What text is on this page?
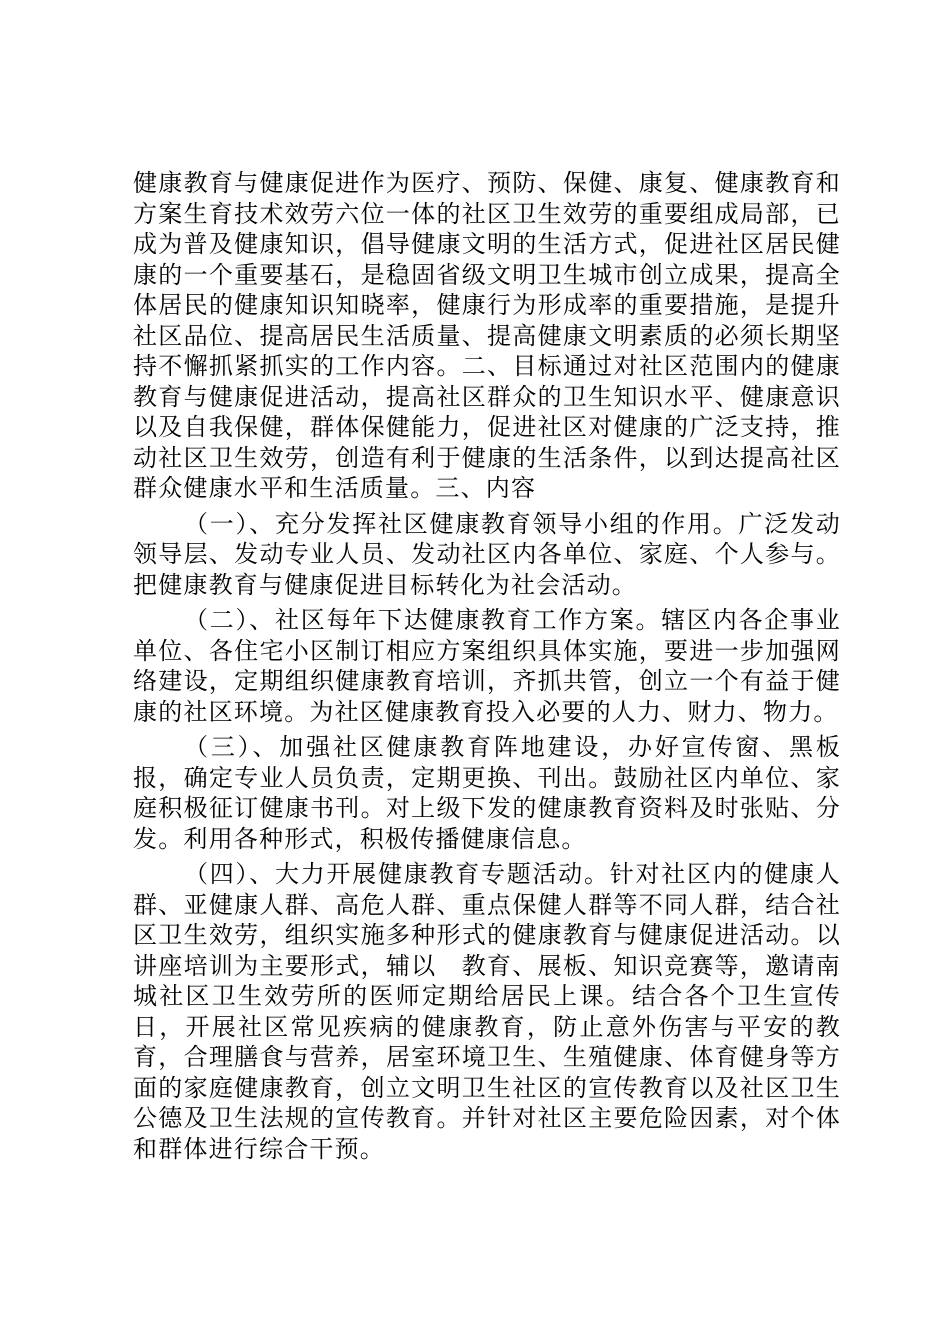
健康教育与健康促进作为医疗、预防、保健、康复、健康教育和方案生育技术效劳六位一体的社区卫生效劳的重要组成局部，已成为普及健康知识，倡导健康文明的生活方式，促进社区居民健康的一个重要基石，是稳固省级文明卫生城市创立成果，提高全体居民的健康知识知晓率，健康行为形成率的重要措施，是提升社区品位、提高居民生活质量、提高健康文明素质的必须长期坚持不懈抓紧抓实的工作内容。二、目标通过对社区范围内的健康教育与健康促进活动，提高社区群众的卫生知识水平、健康意识以及自我保健，群体保健能力，促进社区对健康的广泛支持，推动社区卫生效劳，创造有利于健康的生活条件，以到达提高社区群众健康水平和生活质量。三、内容

（一）、充分发挥社区健康教育领导小组的作用。广泛发动领导层、发动专业人员、发动社区内各单位、家庭、个人参与。把健康教育与健康促进目标转化为社会活动。

（二）、社区每年下达健康教育工作方案。辖区内各企事业单位、各住宅小区制订相应方案组织具体实施，要进一步加强网络建设，定期组织健康教育培训，齐抓共管，创立一个有益于健康的社区环境。为社区健康教育投入必要的人力、财力、物力。

（三）、加强社区健康教育阵地建设，办好宣传窗、黑板报，确定专业人员负责，定期更换、刊出。鼓励社区内单位、家庭积极征订健康书刊。对上级下发的健康教育资料及时张贴、分发。利用各种形式，积极传播健康信息。

（四）、大力开展健康教育专题活动。针对社区内的健康人群、亚健康人群、高危人群、重点保健人群等不同人群，结合社区卫生效劳，组织实施多种形式的健康教育与健康促进活动。以讲座培训为主要形式，辅以　教育、展板、知识竞赛等，邀请南城社区卫生效劳所的医师定期给居民上课。结合各个卫生宣传日，开展社区常见疾病的健康教育，防止意外伤害与平安的教育，合理膳食与营养，居室环境卫生、生殖健康、体育健身等方面的家庭健康教育，创立文明卫生社区的宣传教育以及社区卫生公德及卫生法规的宣传教育。并针对社区主要危险因素，对个体和群体进行综合干预。
